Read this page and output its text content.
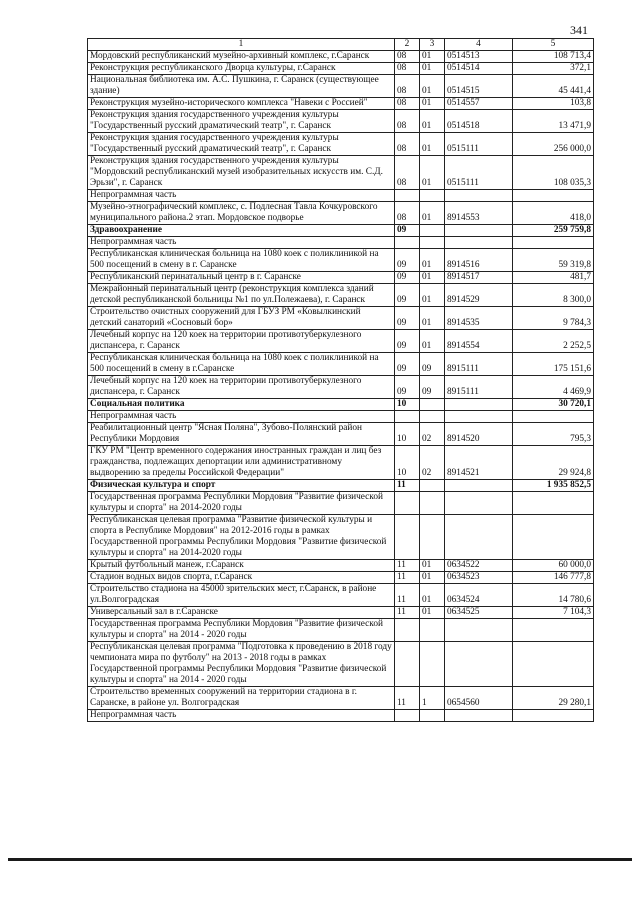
341
1	2	3	4	5
Мордовский республиканский музейно-архивный комплекс, г.Саранск	08	01	0514513	108 713,4
Реконструкция республиканского Дворца культуры, г.Саранск	08	01	0514514	372,1
Национальная библиотека им. А.С. Пушкина, г. Саранск (существующее здание)	08	01	0514515	45 441,4
Реконструкция музейно-исторического комплекса "Навеки с Россией"	08	01	0514557	103,8
Реконструкция здания государственного учреждения культуры "Государственный русский драматический театр", г. Саранск	08	01	0514518	13 471,9
Реконструкция здания государственного учреждения культуры "Государственный русский драматический театр", г. Саранск	08	01	0515111	256 000,0
Реконструкция здания государственного учреждения культуры "Мордовский республиканский музей изобразительных искусств им. С.Д. Эрьзи", г. Саранск	08	01	0515111	108 035,3
Непрограммная часть				
Музейно-этнографический комплекс, с. Подлесная Тавла Кочкуровского муниципального района.2 этап. Мордовское подворье	08	01	8914553	418,0
Здравоохранение	09			259 759,8
Непрограммная часть				
Республиканская клиническая больница на 1080 коек с поликлиникой на 500 посещений в смену в г. Саранске	09	01	8914516	59 319,8
Республиканский перинатальный центр в г. Саранске	09	01	8914517	481,7
Межрайонный перинатальный центр (реконструкция комплекса зданий детской республиканской больницы №1 по ул.Полежаева), г. Саранск	09	01	8914529	8 300,0
Строительство очистных сооружений для ГБУЗ РМ «Ковылкинский детский санаторий «Сосновый бор»	09	01	8914535	9 784,3
Лечебный корпус на 120 коек на территории противотуберкулезного диспансера, г. Саранск	09	01	8914554	2 252,5
Республиканская клиническая больница на 1080 коек с поликлиникой на 500 посещений в смену в г.Саранске	09	09	8915111	175 151,6
Лечебный корпус на 120 коек на территории противотуберкулезного диспансера, г. Саранск	09	09	8915111	4 469,9
Социальная политика	10			30 720,1
Непрограммная часть				
Реабилитационный центр "Ясная Поляна", Зубово-Полянский район Республики Мордовия	10	02	8914520	795,3
ГКУ РМ "Центр временного содержания иностранных граждан и лиц без гражданства, подлежащих депортации или административному выдворению за пределы Российской Федерации"	10	02	8914521	29 924,8
Физическая культура и спорт	11			1 935 852,5
Государственная программа Республики Мордовия "Развитие физической культуры и спорта" на 2014-2020 годы				
Республиканская целевая программа "Развитие физической культуры и спорта в Республике Мордовия" на 2012-2016 годы в рамках Государственной программы Республики Мордовия "Развитие физической культуры и спорта" на 2014-2020 годы				
Крытый футбольный манеж, г.Саранск	11	01	0634522	60 000,0
Стадион водных видов спорта, г.Саранск	11	01	0634523	146 777,8
Строительство стадиона на 45000 зрительских мест, г.Саранск, в районе ул.Волгоградская	11	01	0634524	14 780,6
Универсальный зал в г.Саранске	11	01	0634525	7 104,3
Государственная программа Республики Мордовия "Развитие физической культуры и спорта" на 2014 - 2020 годы				
Республиканская целевая программа "Подготовка к проведению в 2018 году чемпионата мира по футболу" на 2013 - 2018 годы в рамках Государственной программы Республики Мордовия "Развитие физической культуры и спорта" на 2014 - 2020 годы				
Строительство временных сооружений на территории стадиона в г. Саранске, в районе ул. Волгоградская	11	1	0654560	29 280,1
Непрограммная часть				
